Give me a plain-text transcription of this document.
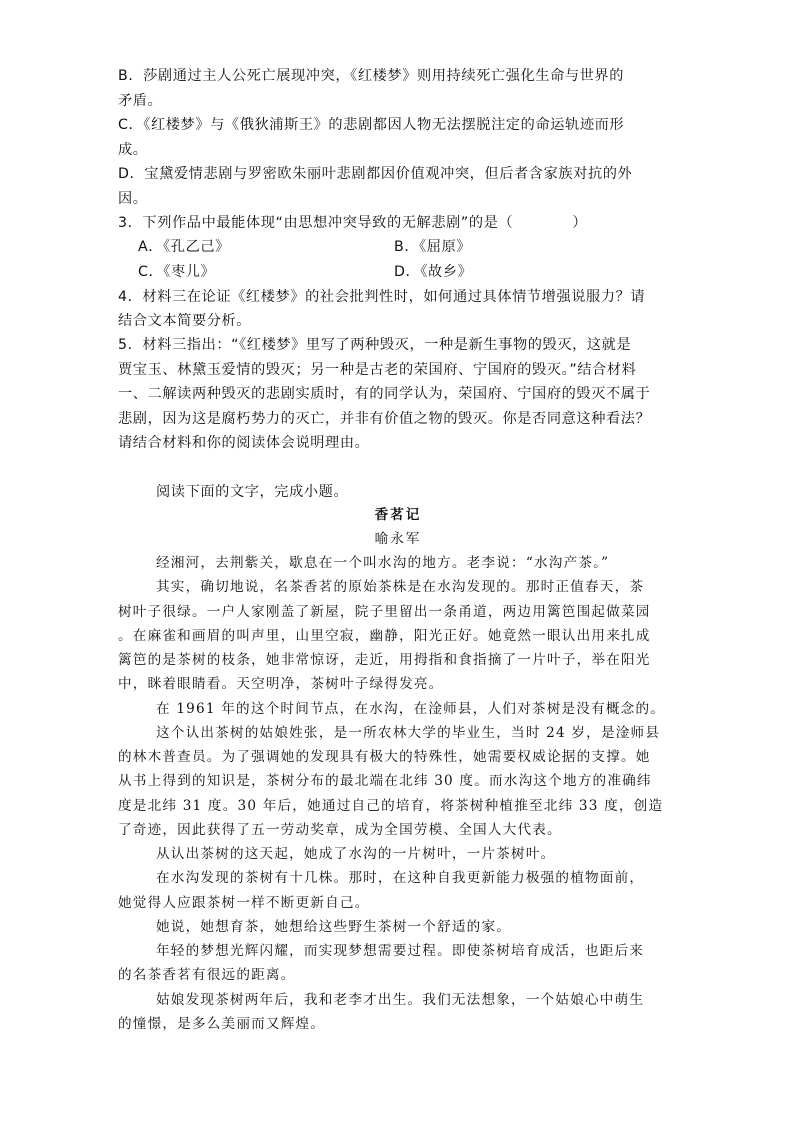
B．莎剧通过主人公死亡展现冲突，《红楼梦》则用持续死亡强化生命与世界的
矛盾。
C．《红楼梦》与《俄狄浦斯王》的悲剧都因人物无法摆脱注定的命运轨迹而形
成。
D．宝黛爱情悲剧与罗密欧朱丽叶悲剧都因价值观冲突，但后者含家族对抗的外
因。
3．下列作品中最能体现“由思想冲突导致的无解悲剧”的是（　　　　）
A．《孔乙己》	B．《屈原》
C．《枣儿》	D．《故乡》
4．材料三在论证《红楼梦》的社会批判性时，如何通过具体情节增强说服力？请
结合文本简要分析。
5．材料三指出：“《红楼梦》里写了两种毁灭，一种是新生事物的毁灭，这就是
贾宝玉、林黛玉爱情的毁灭；另一种是古老的荣国府、宁国府的毁灭。”结合材料
一、二解读两种毁灭的悲剧实质时，有的同学认为，荣国府、宁国府的毁灭不属于
悲剧，因为这是腐朽势力的灭亡，并非有价值之物的毁灭。你是否同意这种看法？
请结合材料和你的阅读体会说明理由。
阅读下面的文字，完成小题。
香茗记
喻永军
经湘河，去荆紫关，歇息在一个叫水沟的地方。老李说：“水沟产茶。”
其实，确切地说，名茶香茗的原始茶株是在水沟发现的。那时正值春天，茶
树叶子很绿。一户人家刚盖了新屋，院子里留出一条甬道，两边用篱笆围起做菜园
。在麻雀和画眉的叫声里，山里空寂，幽静，阳光正好。她竟然一眼认出用来扎成
篱笆的是茶树的枝条，她非常惊讶，走近，用拇指和食指摘了一片叶子，举在阳光
中，眯着眼睛看。天空明净，茶树叶子绿得发亮。
在 1961 年的这个时间节点，在水沟，在淦师县，人们对茶树是没有概念的。
这个认出茶树的姑娘姓张，是一所农林大学的毕业生，当时 24 岁，是淦师县
的林木普查员。为了强调她的发现具有极大的特殊性，她需要权威论据的支撑。她
从书上得到的知识是，茶树分布的最北端在北纬 30 度。而水沟这个地方的准确纬
度是北纬 31 度。30 年后，她通过自己的培育，将茶树种植推至北纬 33 度，创造
了奇迹，因此获得了五一劳动奖章，成为全国劳模、全国人大代表。
从认出茶树的这天起，她成了水沟的一片树叶，一片茶树叶。
在水沟发现的茶树有十几株。那时，在这种自我更新能力极强的植物面前，
她觉得人应跟茶树一样不断更新自己。
她说，她想育茶，她想给这些野生茶树一个舒适的家。
年轻的梦想光辉闪耀，而实现梦想需要过程。即使茶树培育成活，也距后来
的名茶香茗有很远的距离。
姑娘发现茶树两年后，我和老李才出生。我们无法想象，一个姑娘心中萌生
的憧憬，是多么美丽而又辉煌。
